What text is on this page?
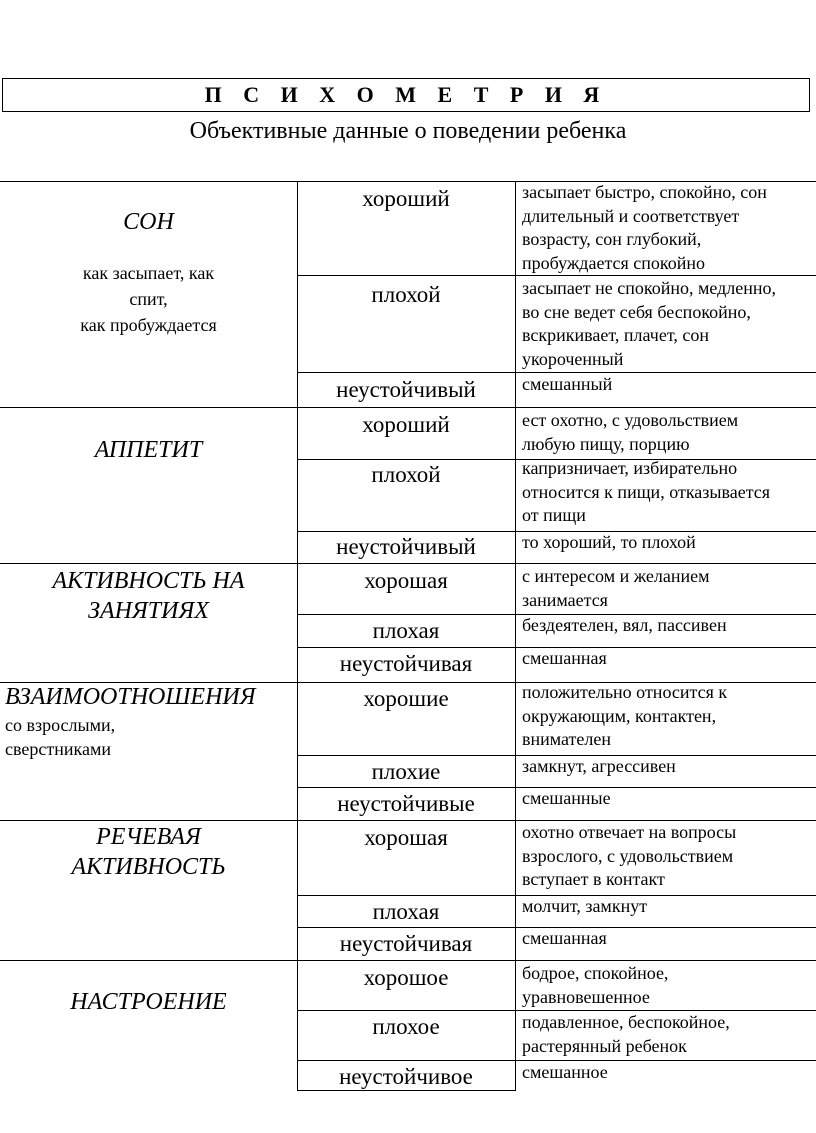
П С И Х О М Е Т Р И Я
Объективные данные о поведении ребенка
СОН
как засыпает, как
спит,
как пробуждается
хороший	засыпает быстро, спокойно, сон
длительный и соответствует
возрасту, сон глубокий,
пробуждается спокойно
плохой	засыпает не спокойно, медленно,
во сне ведет себя беспокойно,
вскрикивает, плачет, сон
укороченный
неустойчивый	смешанный
АППЕТИТ
хороший	ест охотно, с удовольствием
любую пищу, порцию
плохой	капризничает, избирательно
относится к пищи, отказывается
от пищи
неустойчивый	то хороший, то плохой
АКТИВНОСТЬ НА
ЗАНЯТИЯХ
хорошая	с интересом и желанием
занимается
плохая	бездеятелен, вял, пассивен
неустойчивая	смешанная
ВЗАИМООТНОШЕНИЯ
со взрослыми,
сверстниками
хорошие	положительно относится к
окружающим, контактен,
внимателен
плохие	замкнут, агрессивен
неустойчивые	смешанные
РЕЧЕВАЯ
АКТИВНОСТЬ
хорошая	охотно отвечает на вопросы
взрослого, с удовольствием
вступает в контакт
плохая	молчит, замкнут
неустойчивая	смешанная
НАСТРОЕНИЕ
хорошое	бодрое, спокойное,
уравновешенное
плохое	подавленное, беспокойное,
растерянный ребенок
неустойчивое	смешанное
